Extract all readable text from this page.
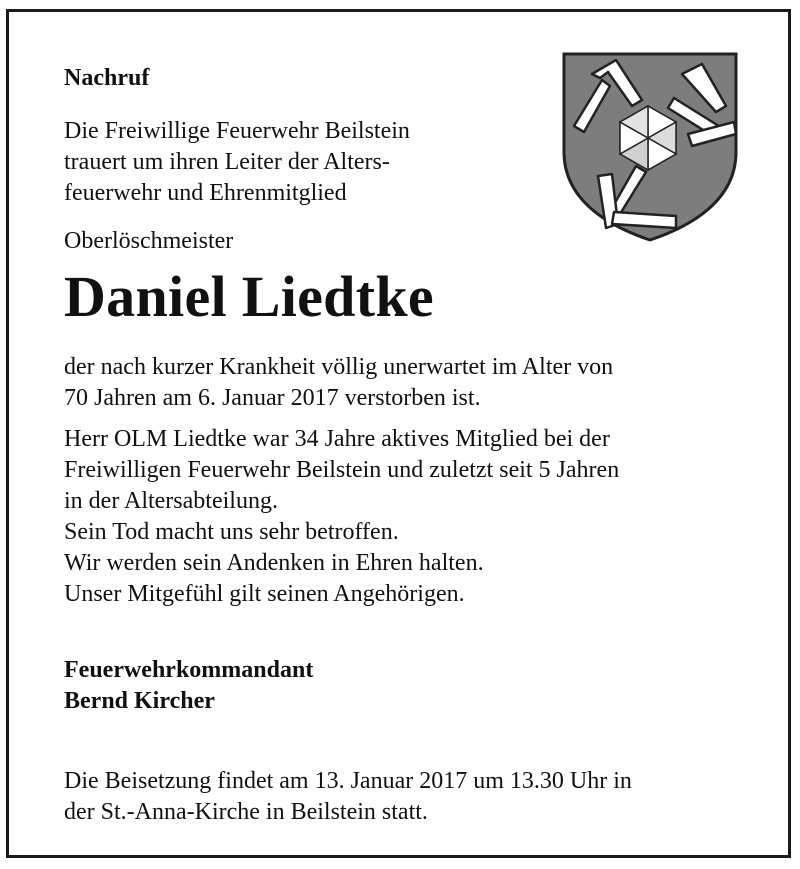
Nachruf

Die Freiwillige Feuerwehr Beilstein
trauert um ihren Leiter der Alters-
feuerwehr und Ehrenmitglied

Oberlöschmeister

Daniel Liedtke

der nach kurzer Krankheit völlig unerwartet im Alter von
70 Jahren am 6. Januar 2017 verstorben ist.

Herr OLM Liedtke war 34 Jahre aktives Mitglied bei der
Freiwilligen Feuerwehr Beilstein und zuletzt seit 5 Jahren
in der Altersabteilung.
Sein Tod macht uns sehr betroffen.
Wir werden sein Andenken in Ehren halten.
Unser Mitgefühl gilt seinen Angehörigen.

Feuerwehrkommandant
Bernd Kircher

Die Beisetzung findet am 13. Januar 2017 um 13.30 Uhr in
der St.-Anna-Kirche in Beilstein statt.
